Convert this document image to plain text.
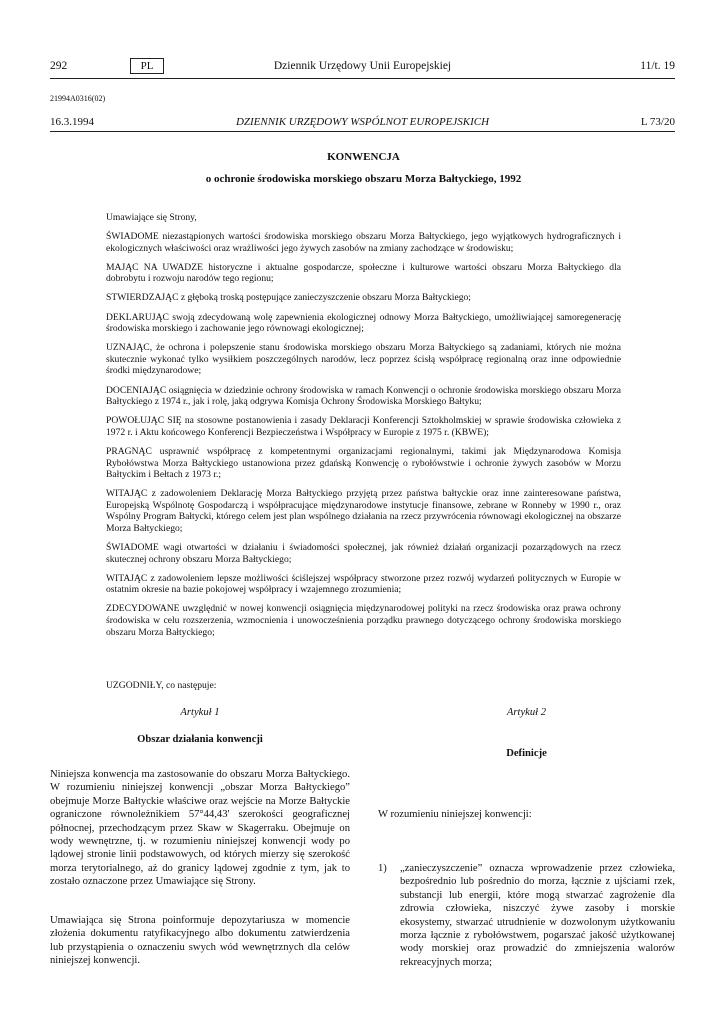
292	PL	Dziennik Urzędowy Unii Europejskiej	11/t. 19
21994A0316(02)
16.3.1994	DZIENNIK URZĘDOWY WSPÓLNOT EUROPEJSKICH	L 73/20
KONWENCJA
o ochronie środowiska morskiego obszaru Morza Bałtyckiego, 1992

Umawiające się Strony,

ŚWIADOME niezastąpionych wartości środowiska morskiego obszaru Morza Bałtyckiego, jego wyjątkowych hydrograficznych i ekologicznych właściwości oraz wrażliwości jego żywych zasobów na zmiany zachodzące w środowisku;

MAJĄC NA UWADZE historyczne i aktualne gospodarcze, społeczne i kulturowe wartości obszaru Morza Bałtyckiego dla dobrobytu i rozwoju narodów tego regionu;

STWIERDZAJĄC z głęboką troską postępujące zanieczyszczenie obszaru Morza Bałtyckiego;

DEKLARUJĄC swoją zdecydowaną wolę zapewnienia ekologicznej odnowy Morza Bałtyckiego, umożliwiającej samoregenerację środowiska morskiego i zachowanie jego równowagi ekologicznej;

UZNAJĄC, że ochrona i polepszenie stanu środowiska morskiego obszaru Morza Bałtyckiego są zadaniami, których nie można skutecznie wykonać tylko wysiłkiem poszczególnych narodów, lecz poprzez ścisłą współpracę regionalną oraz inne odpowiednie środki międzynarodowe;

DOCENIAJĄC osiągnięcia w dziedzinie ochrony środowiska w ramach Konwencji o ochronie środowiska morskiego obszaru Morza Bałtyckiego z 1974 r., jak i rolę, jaką odgrywa Komisja Ochrony Środowiska Morskiego Bałtyku;

POWOŁUJĄC SIĘ na stosowne postanowienia i zasady Deklaracji Konferencji Sztokholmskiej w sprawie środowiska człowieka z 1972 r. i Aktu końcowego Konferencji Bezpieczeństwa i Współpracy w Europie z 1975 r. (KBWE);

PRAGNĄC usprawnić współpracę z kompetentnymi organizacjami regionalnymi, takimi jak Międzynarodowa Komisja Rybołówstwa Morza Bałtyckiego ustanowiona przez gdańską Konwencję o rybołówstwie i ochronie żywych zasobów w Morzu Bałtyckim i Bełtach z 1973 r.;

WITAJĄC z zadowoleniem Deklarację Morza Bałtyckiego przyjętą przez państwa bałtyckie oraz inne zainteresowane państwa, Europejską Wspólnotę Gospodarczą i współpracujące międzynarodowe instytucje finansowe, zebrane w Ronneby w 1990 r., oraz Wspólny Program Bałtycki, którego celem jest plan wspólnego działania na rzecz przywrócenia równowagi ekologicznej na obszarze Morza Bałtyckiego;

ŚWIADOME wagi otwartości w działaniu i świadomości społecznej, jak również działań organizacji pozarządowych na rzecz skutecznej ochrony obszaru Morza Bałtyckiego;

WITAJĄC z zadowoleniem lepsze możliwości ściślejszej współpracy stworzone przez rozwój wydarzeń politycznych w Europie w ostatnim okresie na bazie pokojowej współpracy i wzajemnego zrozumienia;

ZDECYDOWANE uwzględnić w nowej konwencji osiągnięcia międzynarodowej polityki na rzecz środowiska oraz prawa ochrony środowiska w celu rozszerzenia, wzmocnienia i unowocześnienia porządku prawnego dotyczącego ochrony środowiska morskiego obszaru Morza Bałtyckiego;

UZGODNIŁY, co następuje:
Artykuł 1
Obszar działania konwencji

Niniejsza konwencja ma zastosowanie do obszaru Morza Bałtyckiego. W rozumieniu niniejszej konwencji „obszar Morza Bałtyckiego” obejmuje Morze Bałtyckie właściwe oraz wejście na Morze Bałtyckie ograniczone równoleżnikiem 57°44,43' szerokości geograficznej północnej, przechodzącym przez Skaw w Skagerraku. Obejmuje on wody wewnętrzne, tj. w rozumieniu niniejszej konwencji wody po lądowej stronie linii podstawowych, od których mierzy się szerokość morza terytorialnego, aż do granicy lądowej zgodnie z tym, jak to zostało oznaczone przez Umawiające się Strony.

Umawiająca się Strona poinformuje depozytariusza w momencie złożenia dokumentu ratyfikacyjnego albo dokumentu zatwierdzenia lub przystąpienia o oznaczeniu swych wód wewnętrznych dla celów niniejszej konwencji.

Artykuł 2
Definicje
W rozumieniu niniejszej konwencji:
1)	„zanieczyszczenie” oznacza wprowadzenie przez człowieka, bezpośrednio lub pośrednio do morza, łącznie z ujściami rzek, substancji lub energii, które mogą stwarzać zagrożenie dla zdrowia człowieka, niszczyć żywe zasoby i morskie ekosystemy, stwarzać utrudnienie w dozwolonym użytkowaniu morza łącznie z rybołówstwem, pogarszać jakość użytkowanej wody morskiej oraz prowadzić do zmniejszenia walorów rekreacyjnych morza;
